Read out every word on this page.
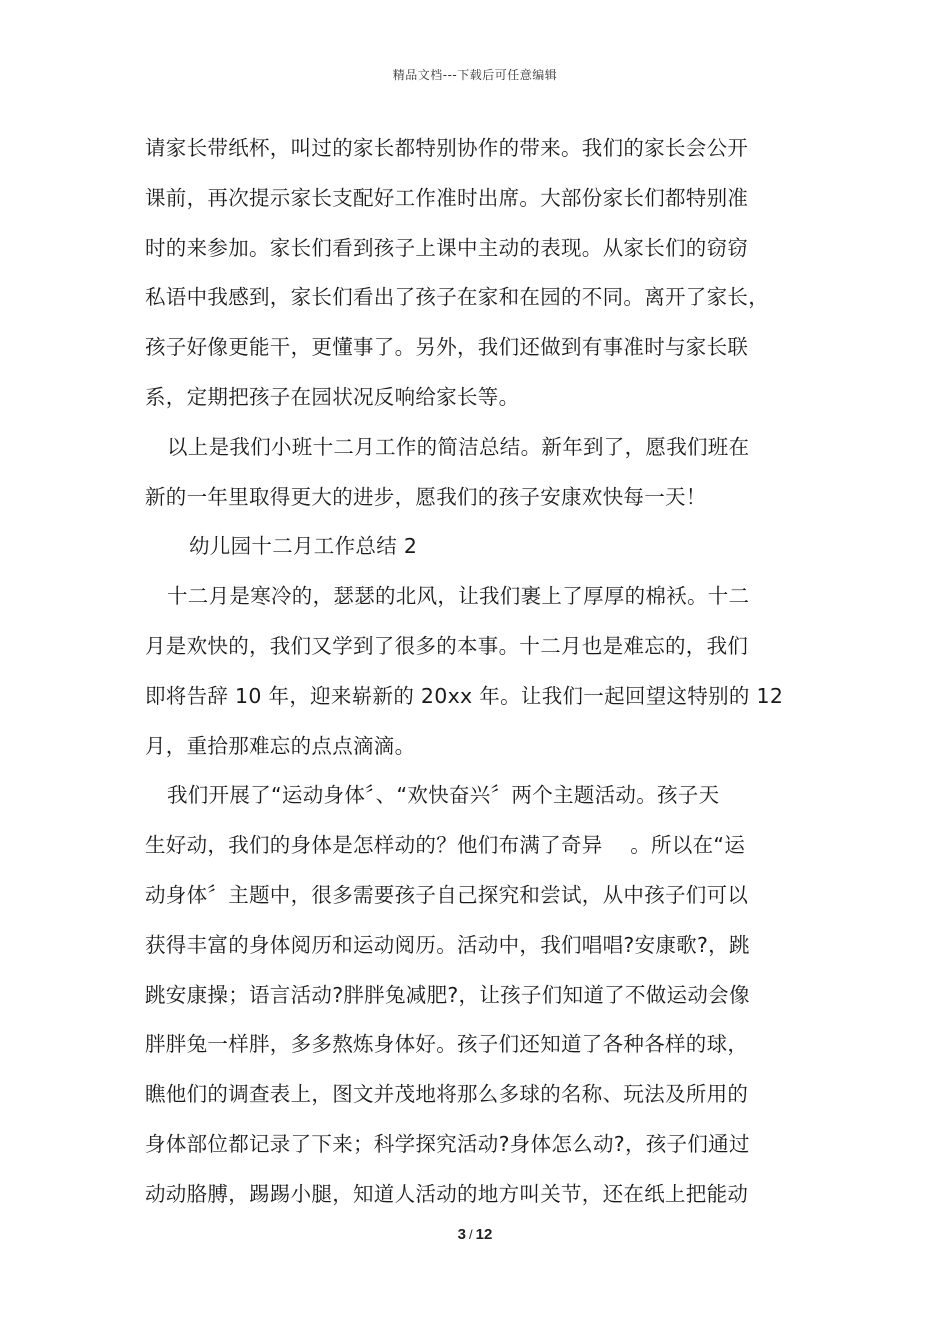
精品文档---下载后可任意编辑
请家长带纸杯，叫过的家长都特别协作的带来。我们的家长会公开
课前，再次提示家长支配好工作准时出席。大部份家长们都特别准
时的来参加。家长们看到孩子上课中主动的表现。从家长们的窃窃
私语中我感到，家长们看出了孩子在家和在园的不同。离开了家长，
孩子好像更能干，更懂事了。另外，我们还做到有事准时与家长联
系，定期把孩子在园状况反响给家长等。
以上是我们小班十二月工作的简洁总结。新年到了，愿我们班在
新的一年里取得更大的进步，愿我们的孩子安康欢快每一天！
幼儿园十二月工作总结 2
十二月是寒冷的，瑟瑟的北风，让我们裹上了厚厚的棉袄。十二
月是欢快的，我们又学到了很多的本事。十二月也是难忘的，我们
即将告辞 10 年，迎来崭新的 20xx 年。让我们一起回望这特别的 12
月，重拾那难忘的点点滴滴。
我们开展了“运动身体〞、“欢快奋兴〞两个主题活动。孩子天
生好动，我们的身体是怎样动的？他们布满了奇异　 。所以在“运
动身体〞主题中，很多需要孩子自己探究和尝试，从中孩子们可以
获得丰富的身体阅历和运动阅历。活动中，我们唱唱?安康歌?，跳
跳安康操；语言活动?胖胖兔减肥?，让孩子们知道了不做运动会像
胖胖兔一样胖，多多熬炼身体好。孩子们还知道了各种各样的球，
瞧他们的调查表上，图文并茂地将那么多球的名称、玩法及所用的
身体部位都记录了下来；科学探究活动?身体怎么动?，孩子们通过
动动胳膊，踢踢小腿，知道人活动的地方叫关节，还在纸上把能动
3 / 12
